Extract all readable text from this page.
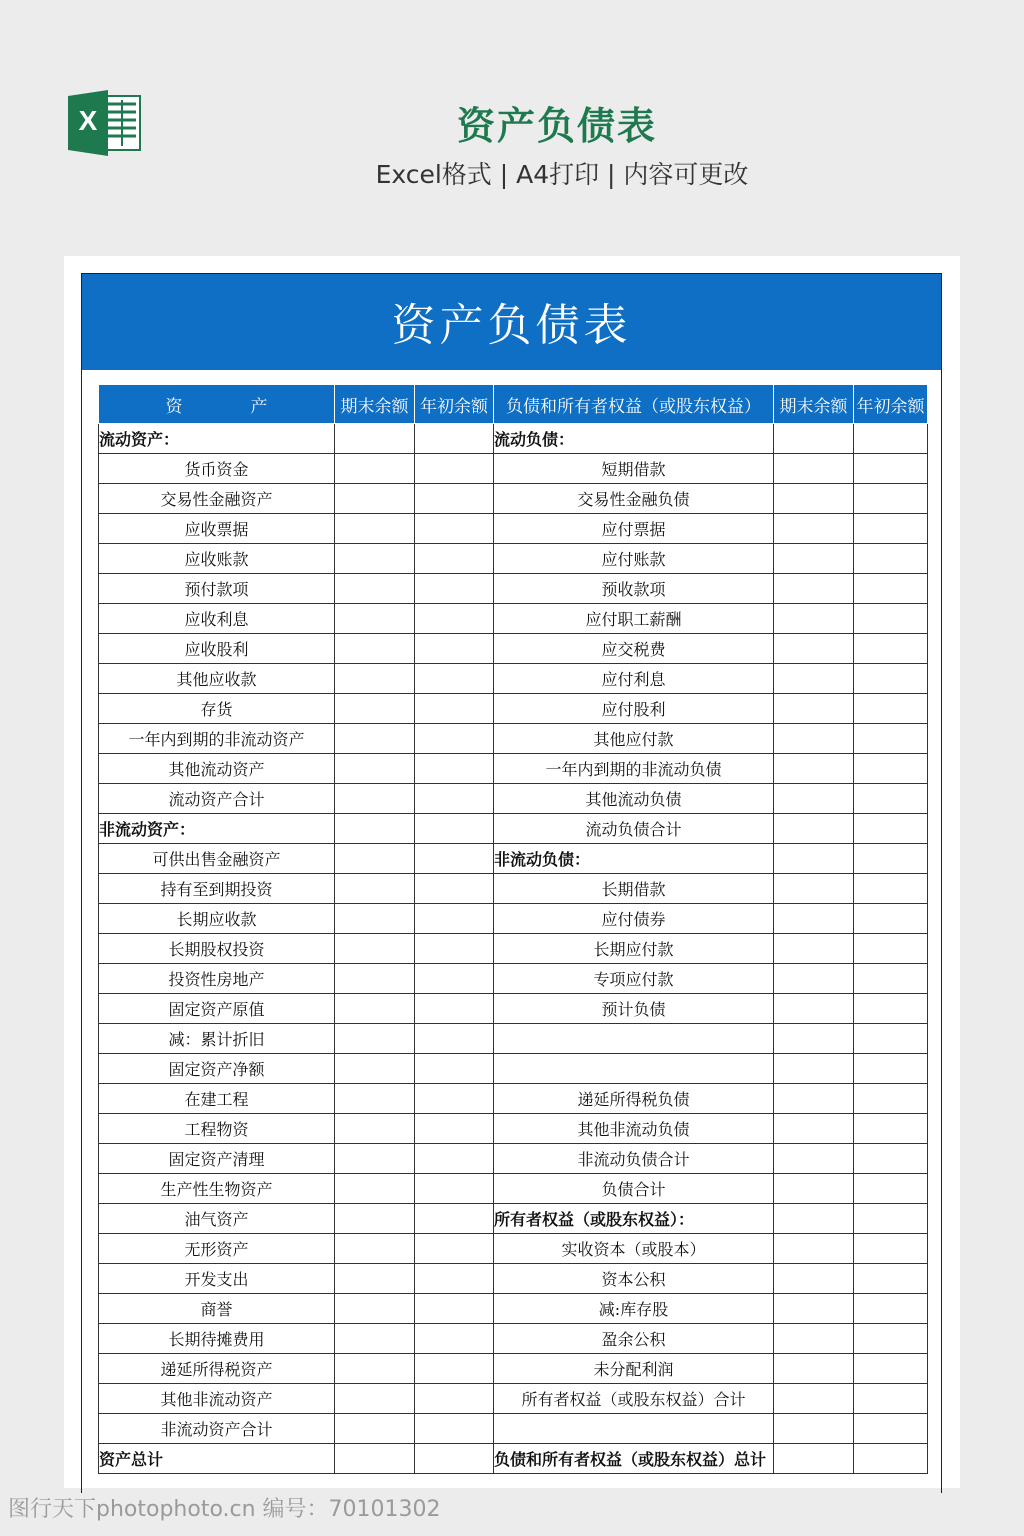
X	资产负债表
Excel格式 | A4打印 | 内容可更改
资产负债表
资　　　　产	期末余额	年初余额	负债和所有者权益（或股东权益）	期末余额	年初余额
流动资产：			流动负债：		
货币资金			短期借款		
交易性金融资产			交易性金融负债		
应收票据			应付票据		
应收账款			应付账款		
预付款项			预收款项		
应收利息			应付职工薪酬		
应收股利			应交税费		
其他应收款			应付利息		
存货			应付股利		
一年内到期的非流动资产			其他应付款		
其他流动资产			一年内到期的非流动负债		
流动资产合计			其他流动负债		
非流动资产：			流动负债合计		
可供出售金融资产			非流动负债：		
持有至到期投资			长期借款		
长期应收款			应付债券		
长期股权投资			长期应付款		
投资性房地产			专项应付款		
固定资产原值			预计负债		
减：累计折旧					
固定资产净额					
在建工程			递延所得税负债		
工程物资			其他非流动负债		
固定资产清理			非流动负债合计		
生产性生物资产			负债合计		
油气资产			所有者权益（或股东权益）：		
无形资产			实收资本（或股本）		
开发支出			资本公积		
商誉			减:库存股		
长期待摊费用			盈余公积		
递延所得税资产			未分配利润		
其他非流动资产			所有者权益（或股东权益）合计		
非流动资产合计					
资产总计			负债和所有者权益（或股东权益）总计		
图行天下photophoto.cn 编号：70101302
